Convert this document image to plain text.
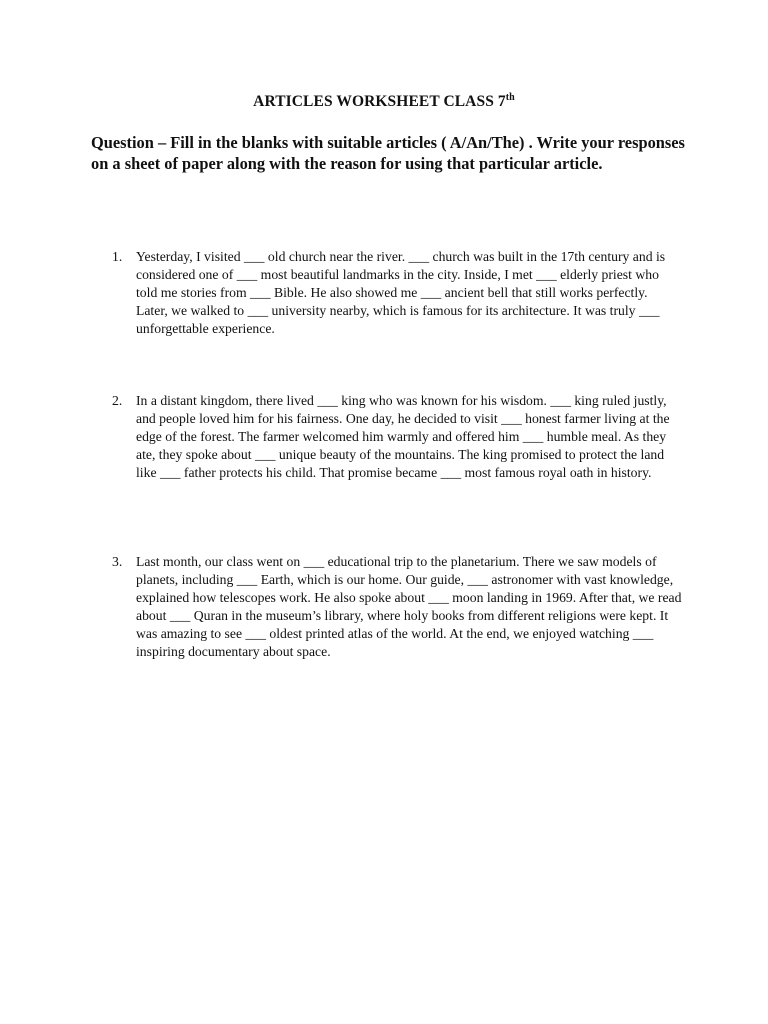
ARTICLES WORKSHEET CLASS 7th
Question – Fill in the blanks with suitable articles ( A/An/The) . Write your responses on a sheet of paper along with the reason for using that particular article.
1. Yesterday, I visited ___ old church near the river. ___ church was built in the 17th century and is considered one of ___ most beautiful landmarks in the city. Inside, I met ___ elderly priest who told me stories from ___ Bible. He also showed me ___ ancient bell that still works perfectly. Later, we walked to ___ university nearby, which is famous for its architecture. It was truly ___ unforgettable experience.
2. In a distant kingdom, there lived ___ king who was known for his wisdom. ___ king ruled justly, and people loved him for his fairness. One day, he decided to visit ___ honest farmer living at the edge of the forest. The farmer welcomed him warmly and offered him ___ humble meal. As they ate, they spoke about ___ unique beauty of the mountains. The king promised to protect the land like ___ father protects his child. That promise became ___ most famous royal oath in history.
3. Last month, our class went on ___ educational trip to the planetarium. There we saw models of planets, including ___ Earth, which is our home. Our guide, ___ astronomer with vast knowledge, explained how telescopes work. He also spoke about ___ moon landing in 1969. After that, we read about ___ Quran in the museum’s library, where holy books from different religions were kept. It was amazing to see ___ oldest printed atlas of the world. At the end, we enjoyed watching ___ inspiring documentary about space.
